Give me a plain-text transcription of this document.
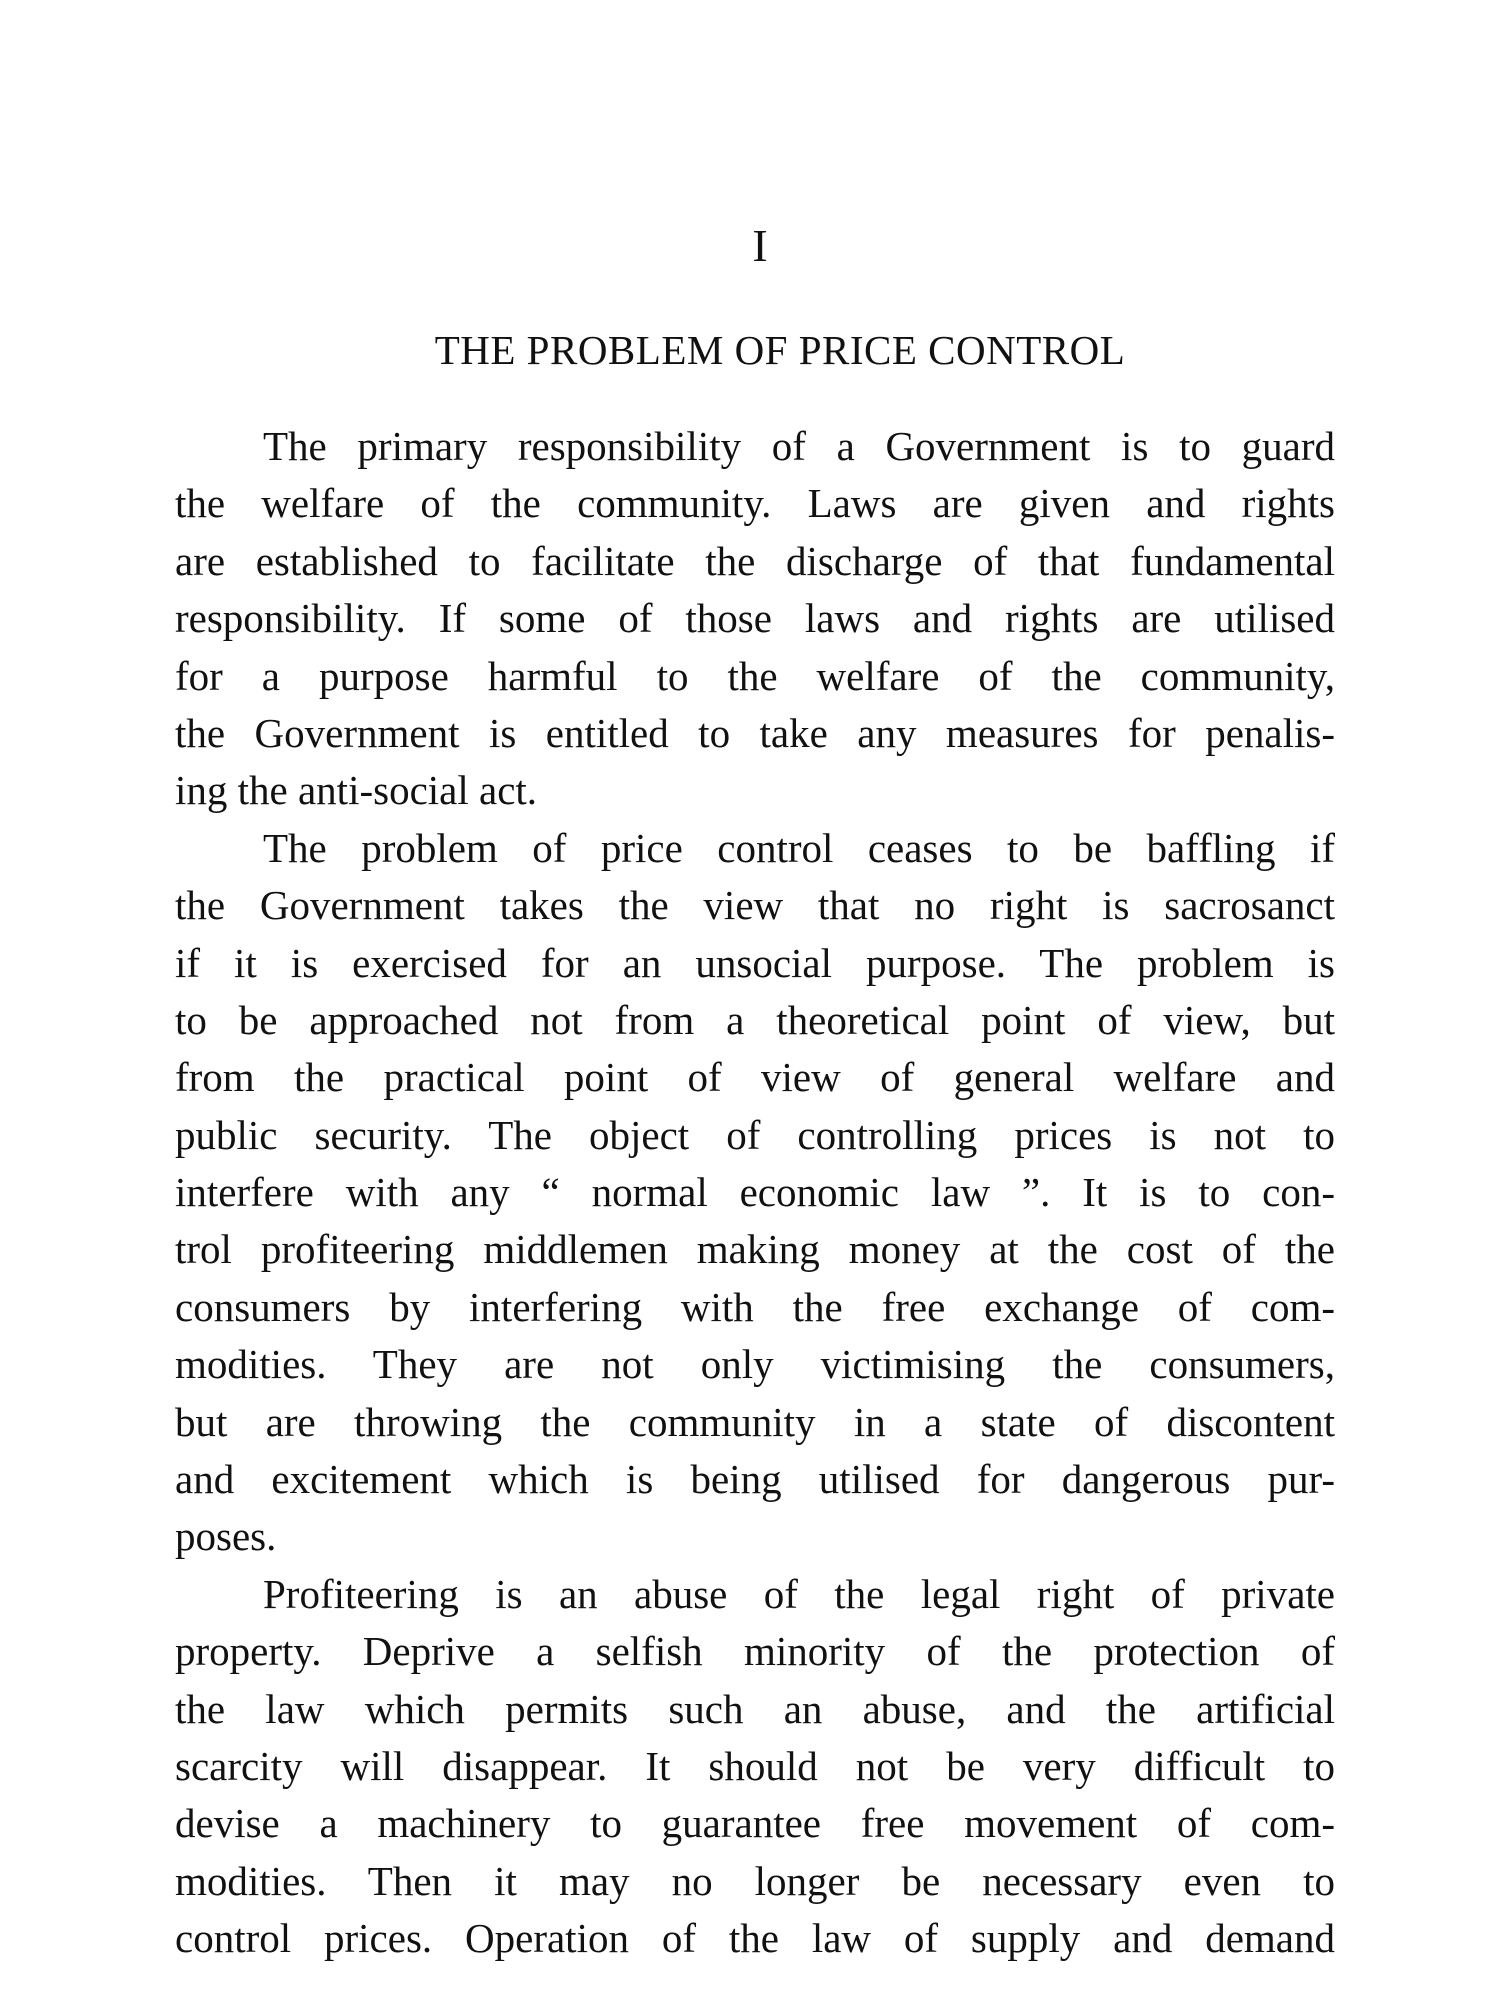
I
THE PROBLEM OF PRICE CONTROL
The primary responsibility of a Government is to guard
the welfare of the community. Laws are given and rights
are established to facilitate the discharge of that fundamental
responsibility. If some of those laws and rights are utilised
for a purpose harmful to the welfare of the community,
the Government is entitled to take any measures for penalis-
ing the anti-social act.
The problem of price control ceases to be baffling if
the Government takes the view that no right is sacrosanct
if it is exercised for an unsocial purpose. The problem is
to be approached not from a theoretical point of view, but
from the practical point of view of general welfare and
public security. The object of controlling prices is not to
interfere with any “ normal economic law ”. It is to con-
trol profiteering middlemen making money at the cost of the
consumers by interfering with the free exchange of com-
modities. They are not only victimising the consumers,
but are throwing the community in a state of discontent
and excitement which is being utilised for dangerous pur-
poses.
Profiteering is an abuse of the legal right of private
property. Deprive a selfish minority of the protection of
the law which permits such an abuse, and the artificial
scarcity will disappear. It should not be very difficult to
devise a machinery to guarantee free movement of com-
modities. Then it may no longer be necessary even to
control prices. Operation of the law of supply and demand
